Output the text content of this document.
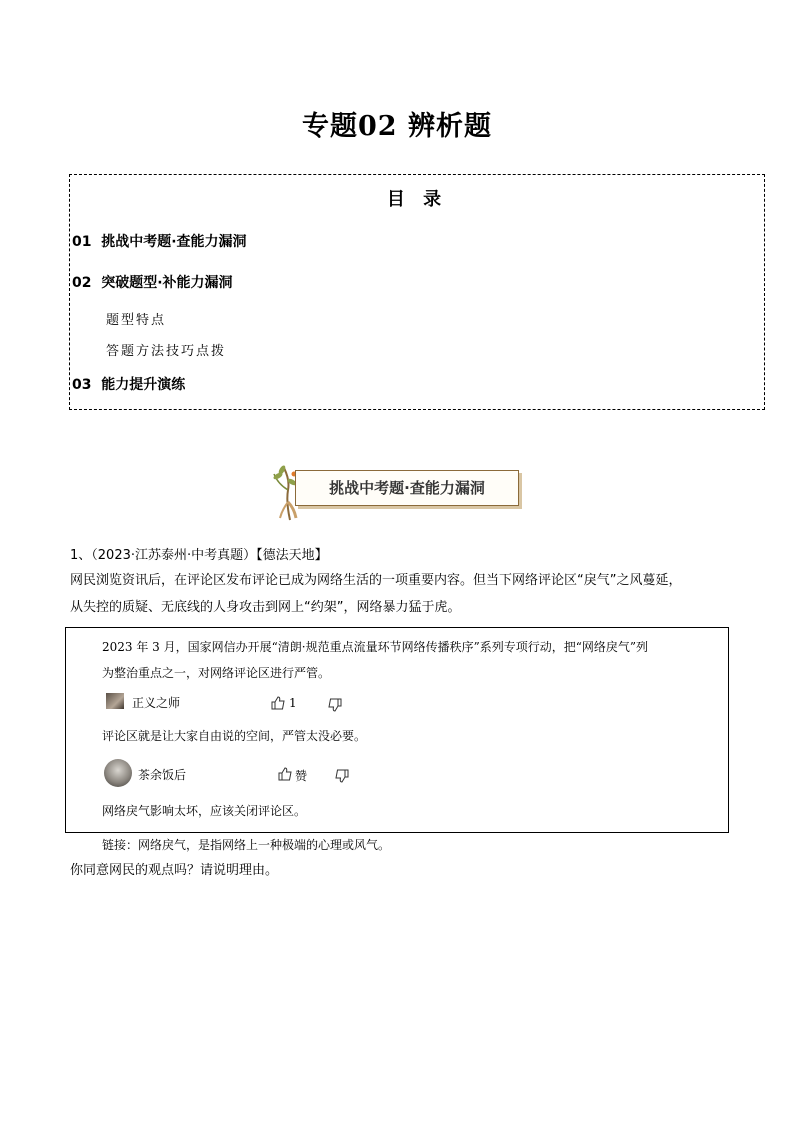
专题02 辨析题
目 录
01 挑战中考题·查能力漏洞
02 突破题型·补能力漏洞
题型特点
答题方法技巧点拨
03 能力提升演练
挑战中考题·查能力漏洞
1、（2023·江苏泰州·中考真题）【德法天地】
网民浏览资讯后，在评论区发布评论已成为网络生活的一项重要内容。但当下网络评论区“戾气”之风蔓延，
从失控的质疑、无底线的人身攻击到网上“约架”，网络暴力猛于虎。
2023 年 3 月，国家网信办开展“清朗·规范重点流量环节网络传播秩序”系列专项行动，把“网络戾气”列
为整治重点之一，对网络评论区进行严管。
正义之师	1
评论区就是让大家自由说的空间，严管太没必要。
茶余饭后	赞
网络戾气影响太坏，应该关闭评论区。
链接：网络戾气，是指网络上一种极端的心理或风气。
你同意网民的观点吗？请说明理由。
